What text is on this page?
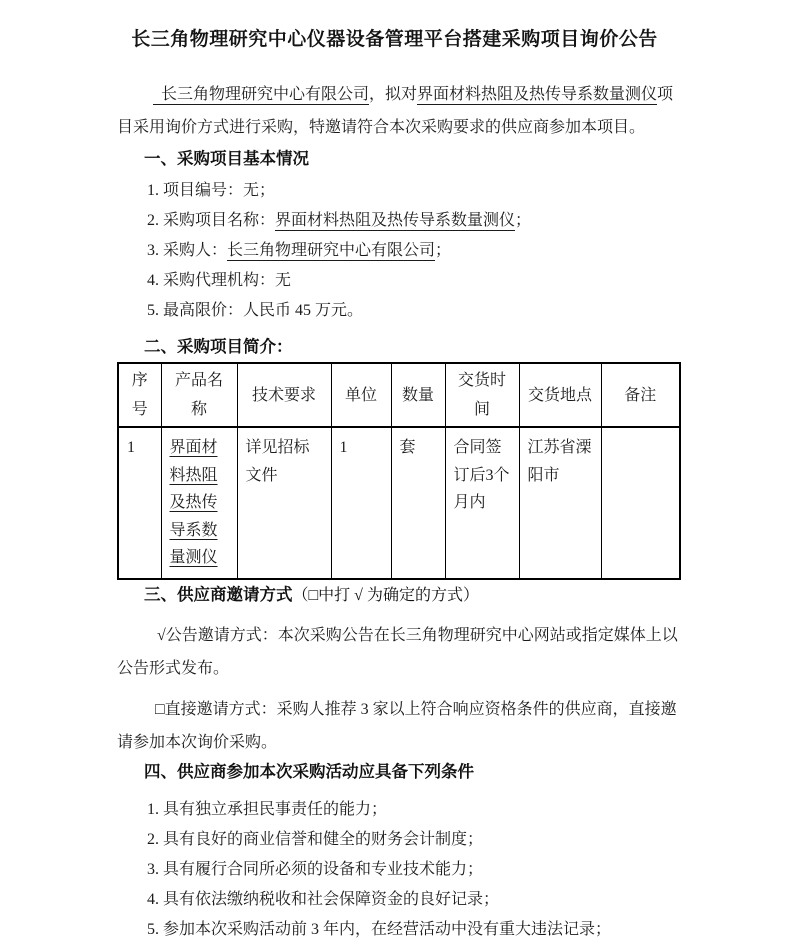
长三角物理研究中心仪器设备管理平台搭建采购项目询价公告

长三角物理研究中心有限公司，拟对界面材料热阻及热传导系数量测仪项目采用询价方式进行采购，特邀请符合本次采购要求的供应商参加本项目。

一、采购项目基本情况

1. 项目编号：无；

2. 采购项目名称：界面材料热阻及热传导系数量测仪；

3. 采购人：长三角物理研究中心有限公司；

4. 采购代理机构：无

5. 最高限价：人民币 45 万元。

二、采购项目简介：
序号	产品名称	技术要求	单位	数量	交货时间	交货地点	备注
1	界面材料热阻及热传导系数量测仪	详见招标文件	1	套	合同签订后3个月内	江苏省溧阳市	
三、供应商邀请方式（□中打 √ 为确定的方式）

√公告邀请方式：本次采购公告在长三角物理研究中心网站或指定媒体上以公告形式发布。

□直接邀请方式：采购人推荐 3 家以上符合响应资格条件的供应商，直接邀请参加本次询价采购。

四、供应商参加本次采购活动应具备下列条件

1. 具有独立承担民事责任的能力；

2. 具有良好的商业信誉和健全的财务会计制度；

3. 具有履行合同所必须的设备和专业技术能力；

4. 具有依法缴纳税收和社会保障资金的良好记录；

5. 参加本次采购活动前 3 年内，在经营活动中没有重大违法记录；
